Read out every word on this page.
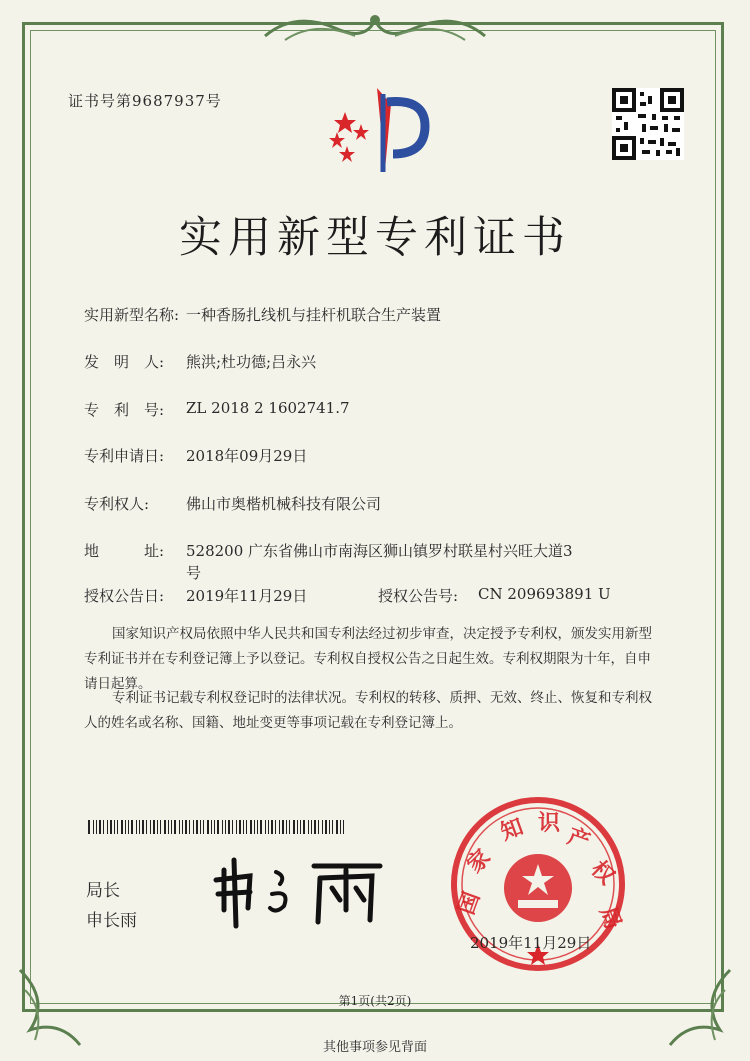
证书号第9687937号
实用新型专利证书
实用新型名称: 一种香肠扎线机与挂杆机联合生产装置
发　明　人: 熊洪;杜功德;吕永兴
专　利　号: ZL 2018 2 1602741.7
专利申请日: 2018年09月29日
专利权人: 佛山市奥楷机械科技有限公司
地　　　址: 528200 广东省佛山市南海区狮山镇罗村联星村兴旺大道3
号
授权公告日: 2019年11月29日	授权公告号: CN 209693891 U
国家知识产权局依照中华人民共和国专利法经过初步审查，决定授予专利权，颁发实用新型专利证书并在专利登记簿上予以登记。专利权自授权公告之日起生效。专利权期限为十年，自申请日起算。
专利证书记载专利权登记时的法律状况。专利权的转移、质押、无效、终止、恢复和专利权人的姓名或名称、国籍、地址变更等事项记载在专利登记簿上。
局长
申长雨
国
家
知 识
产
权
局
2019年11月29日
第1页(共2页)
其他事项参见背面
